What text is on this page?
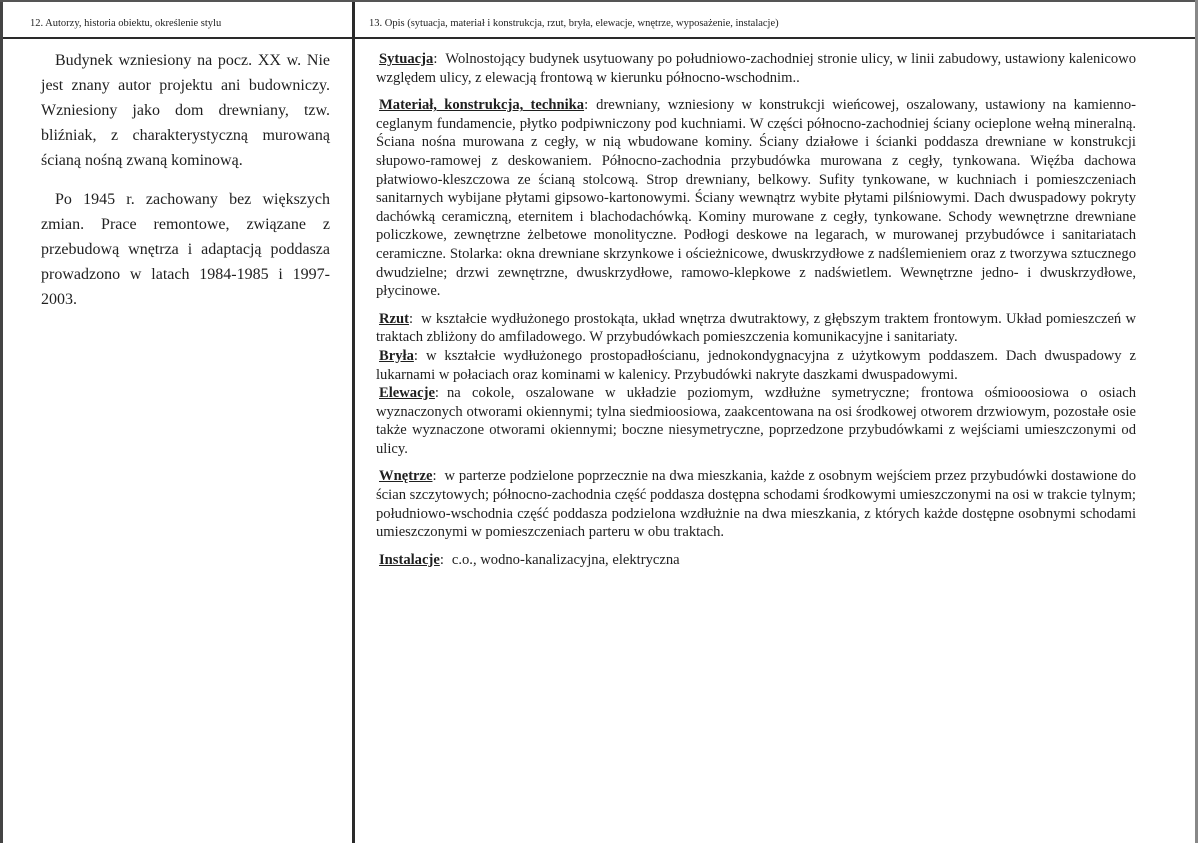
12. Autorzy, historia obiektu, określenie stylu	13. Opis (sytuacja, materiał i konstrukcja, rzut, bryła, elewacje, wnętrze, wyposażenie, instalacje)

Budynek wzniesiony na pocz. XX w. Nie jest znany autor projektu ani budowniczy. Wzniesiony jako dom drewniany, tzw. bliźniak, z charakterystyczną murowaną ścianą nośną zwaną kominową.

Po 1945 r. zachowany bez większych zmian. Prace remontowe, związane z przebudową wnętrza i adaptacją poddasza prowadzono w latach 1984-1985 i 1997-2003.

Sytuacja: Wolnostojący budynek usytuowany po południowo-zachodniej stronie ulicy, w linii zabudowy, ustawiony kalenicowo względem ulicy, z elewacją frontową w kierunku północno-wschodnim..
Materiał, konstrukcja, technika: drewniany, wzniesiony w konstrukcji wieńcowej, oszalowany, ustawiony na kamienno-ceglanym fundamencie, płytko podpiwniczony pod kuchniami. W części północno-zachodniej ściany ocieplone wełną mineralną. Ściana nośna murowana z cegły, w nią wbudowane kominy. Ściany działowe i ścianki poddasza drewniane w konstrukcji słupowo-ramowej z deskowaniem. Północno-zachodnia przybudówka murowana z cegły, tynkowana. Więźba dachowa płatwiowo-kleszczowa ze ścianą stolcową. Strop drewniany, belkowy. Sufity tynkowane, w kuchniach i pomieszczeniach sanitarnych wybijane płytami gipsowo-kartonowymi. Ściany wewnątrz wybite płytami pilśniowymi. Dach dwuspadowy pokryty dachówką ceramiczną, eternitem i blachodachówką. Kominy murowane z cegły, tynkowane. Schody wewnętrzne drewniane policzkowe, zewnętrzne żelbetowe monolityczne. Podłogi deskowe na legarach, w murowanej przybudówce i sanitariatach ceramiczne. Stolarka: okna drewniane skrzynkowe i ościeżnicowe, dwuskrzydłowe z nadślemieniem oraz z tworzywa sztucznego dwudzielne; drzwi zewnętrzne, dwuskrzydłowe, ramowo-klepkowe z nadświetlem. Wewnętrzne jedno- i dwuskrzydłowe, płycinowe.
Rzut: w kształcie wydłużonego prostokąta, układ wnętrza dwutraktowy, z głębszym traktem frontowym. Układ pomieszczeń w traktach zbliżony do amfiladowego. W przybudówkach pomieszczenia komunikacyjne i sanitariaty.
Bryła: w kształcie wydłużonego prostopadłościanu, jednokondygnacyjna z użytkowym poddaszem. Dach dwuspadowy z lukarnami w połaciach oraz kominami w kalenicy. Przybudówki nakryte daszkami dwuspadowymi.
Elewacje: na cokole, oszalowane w układzie poziomym, wzdłużne symetryczne; frontowa ośmiooosiowa o osiach wyznaczonych otworami okiennymi; tylna siedmioosiowa, zaakcentowana na osi środkowej otworem drzwiowym, pozostałe osie także wyznaczone otworami okiennymi; boczne niesymetryczne, poprzedzone przybudówkami z wejściami umieszczonymi od ulicy.
Wnętrze: w parterze podzielone poprzecznie na dwa mieszkania, każde z osobnym wejściem przez przybudówki dostawione do ścian szczytowych; północno-zachodnia część poddasza dostępna schodami środkowymi umieszczonymi na osi w trakcie tylnym; południowo-wschodnia część poddasza podzielona wzdłużnie na dwa mieszkania, z których każde dostępne osobnymi schodami umieszczonymi w pomieszczeniach parteru w obu traktach.
Instalacje: c.o., wodno-kanalizacyjna, elektryczna
